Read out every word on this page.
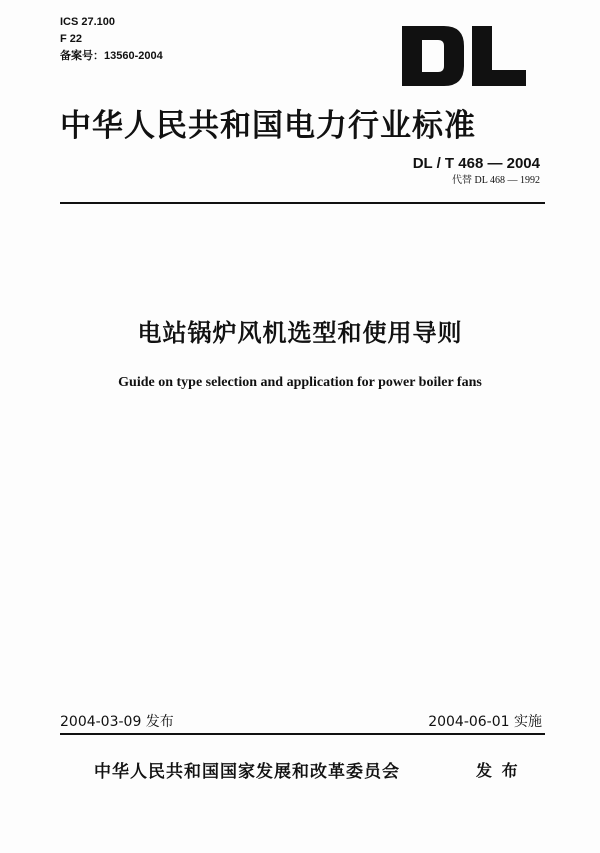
ICS 27.100
F 22
备案号：13560-2004
中华人民共和国电力行业标准
DL / T 468 — 2004
代替 DL 468 — 1992
电站锅炉风机选型和使用导则
Guide on type selection and application for power boiler fans
2004-03-09 发布	2004-06-01 实施
中华人民共和国国家发展和改革委员会	发 布
